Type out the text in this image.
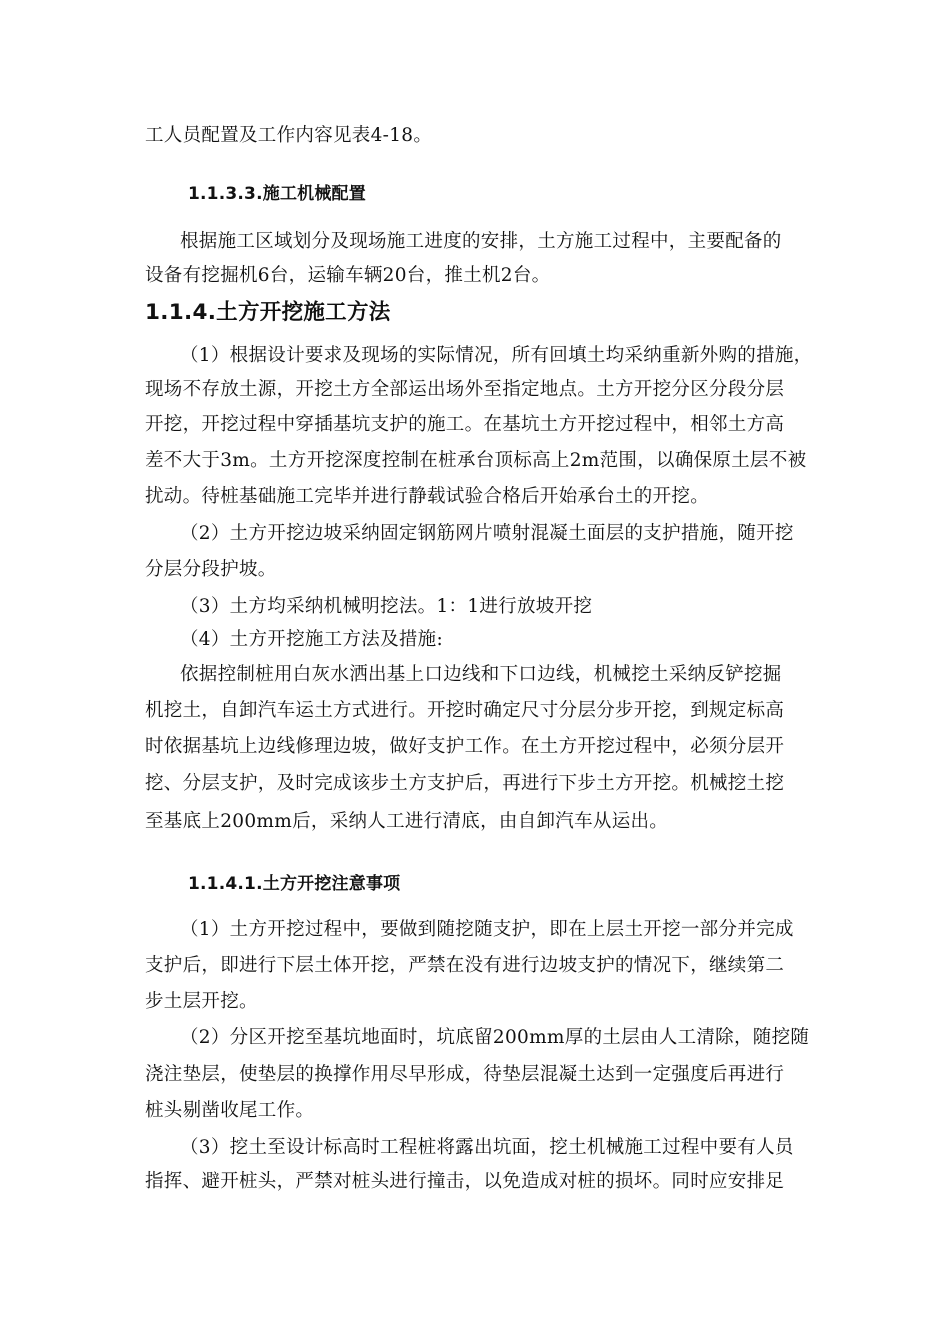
工人员配置及工作内容见表4-18。
1.1.3.3.施工机械配置
根据施工区域划分及现场施工进度的安排，土方施工过程中，主要配备的
设备有挖掘机6台，运输车辆20台，推土机2台。
1.1.4.土方开挖施工方法
（1）根据设计要求及现场的实际情况，所有回填土均采纳重新外购的措施，
现场不存放土源，开挖土方全部运出场外至指定地点。土方开挖分区分段分层
开挖，开挖过程中穿插基坑支护的施工。在基坑土方开挖过程中，相邻土方高
差不大于3m。土方开挖深度控制在桩承台顶标高上2m范围，以确保原土层不被
扰动。待桩基础施工完毕并进行静载试验合格后开始承台土的开挖。
（2）土方开挖边坡采纳固定钢筋网片喷射混凝土面层的支护措施，随开挖
分层分段护坡。
（3）土方均采纳机械明挖法。1：1进行放坡开挖
（4）土方开挖施工方法及措施:
依据控制桩用白灰水洒出基上口边线和下口边线，机械挖土采纳反铲挖掘
机挖土，自卸汽车运土方式进行。开挖时确定尺寸分层分步开挖，到规定标高
时依据基坑上边线修理边坡，做好支护工作。在土方开挖过程中，必须分层开
挖、分层支护，及时完成该步土方支护后，再进行下步土方开挖。机械挖土挖
至基底上200mm后，采纳人工进行清底，由自卸汽车从运出。
1.1.4.1.土方开挖注意事项
（1）土方开挖过程中，要做到随挖随支护，即在上层土开挖一部分并完成
支护后，即进行下层土体开挖，严禁在没有进行边坡支护的情况下，继续第二
步土层开挖。
（2）分区开挖至基坑地面时，坑底留200mm厚的土层由人工清除，随挖随
浇注垫层，使垫层的换撑作用尽早形成，待垫层混凝土达到一定强度后再进行
桩头剔凿收尾工作。
（3）挖土至设计标高时工程桩将露出坑面，挖土机械施工过程中要有人员
指挥、避开桩头，严禁对桩头进行撞击，以免造成对桩的损坏。同时应安排足
